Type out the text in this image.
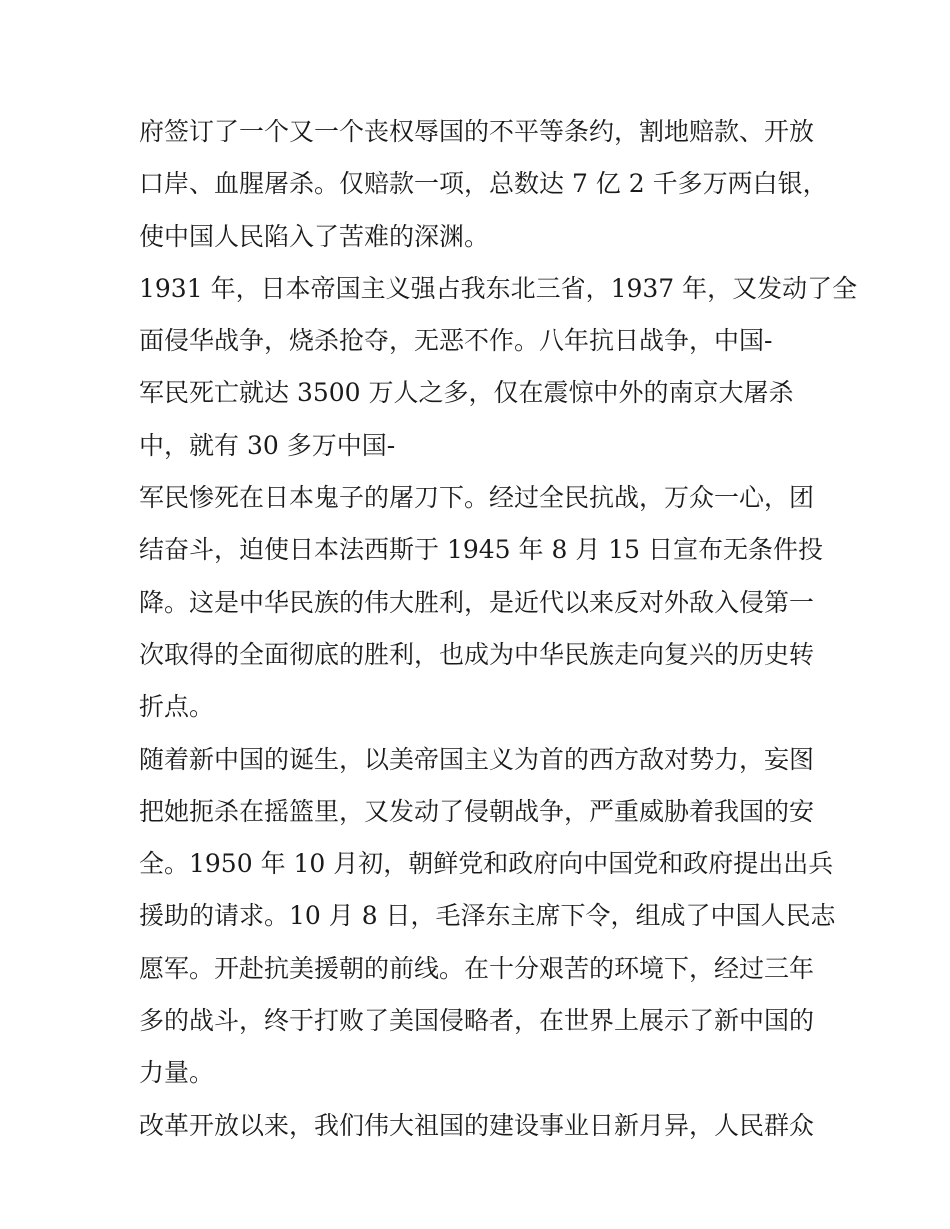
府签订了一个又一个丧权辱国的不平等条约，割地赔款、开放
口岸、血腥屠杀。仅赔款一项，总数达 7 亿 2 千多万两白银，
使中国人民陷入了苦难的深渊。
1931 年，日本帝国主义强占我东北三省，1937 年，又发动了全
面侵华战争，烧杀抢夺，无恶不作。八年抗日战争，中国-
军民死亡就达 3500 万人之多，仅在震惊中外的南京大屠杀
中，就有 30 多万中国-
军民惨死在日本鬼子的屠刀下。经过全民抗战，万众一心，团
结奋斗，迫使日本法西斯于 1945 年 8 月 15 日宣布无条件投
降。这是中华民族的伟大胜利，是近代以来反对外敌入侵第一
次取得的全面彻底的胜利，也成为中华民族走向复兴的历史转
折点。
随着新中国的诞生，以美帝国主义为首的西方敌对势力，妄图
把她扼杀在摇篮里，又发动了侵朝战争，严重威胁着我国的安
全。1950 年 10 月初，朝鲜党和政府向中国党和政府提出出兵
援助的请求。10 月 8 日，毛泽东主席下令，组成了中国人民志
愿军。开赴抗美援朝的前线。在十分艰苦的环境下，经过三年
多的战斗，终于打败了美国侵略者，在世界上展示了新中国的
力量。
改革开放以来，我们伟大祖国的建设事业日新月异，人民群众
